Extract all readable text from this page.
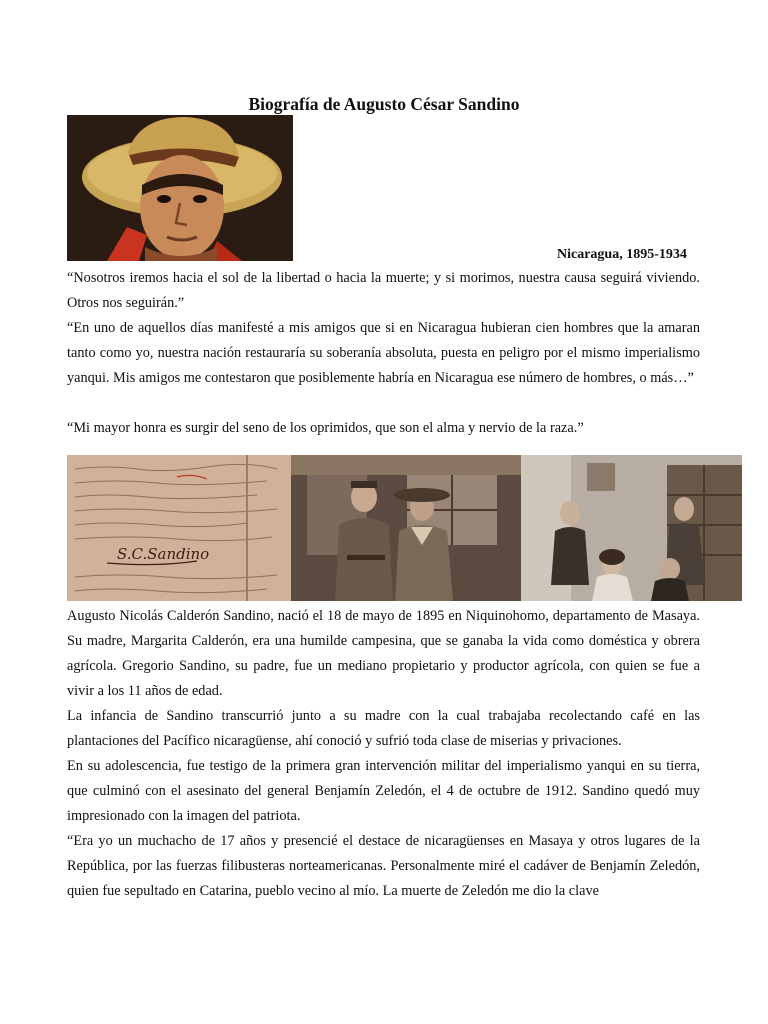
Biografía de Augusto César Sandino
Nicaragua, 1895-1934

“Nosotros iremos hacia el sol de la libertad o hacia la muerte; y si morimos, nuestra causa seguirá viviendo. Otros nos seguirán.”

“En uno de aquellos días manifesté a mis amigos que si en Nicaragua hubieran cien hombres que la amaran tanto como yo, nuestra nación restauraría su soberanía absoluta, puesta en peligro por el mismo imperialismo yanqui. Mis amigos me contestaron que posiblemente habría en Nicaragua ese número de hombres, o más…”

“Mi mayor honra es surgir del seno de los oprimidos, que son el alma y nervio de la raza.”

S.C.Sandino

Augusto Nicolás Calderón Sandino, nació el 18 de mayo de 1895 en Niquinohomo, departamento de Masaya. Su madre, Margarita Calderón, era una humilde campesina, que se ganaba la vida como doméstica y obrera agrícola. Gregorio Sandino, su padre, fue un mediano propietario y productor agrícola, con quien se fue a vivir a los 11 años de edad.

La infancia de Sandino transcurrió junto a su madre con la cual trabajaba recolectando café en las plantaciones del Pacífico nicaragüense, ahí conoció y sufrió toda clase de miserias y privaciones.

En su adolescencia, fue testigo de la primera gran intervención militar del imperialismo yanqui en su tierra, que culminó con el asesinato del general Benjamín Zeledón, el 4 de octubre de 1912. Sandino quedó muy impresionado con la imagen del patriota.

“Era yo un muchacho de 17 años y presencié el destace de nicaragüenses en Masaya y otros lugares de la República, por las fuerzas filibusteras norteamericanas. Personalmente miré el cadáver de Benjamín Zeledón, quien fue sepultado en Catarina, pueblo vecino al mío. La muerte de Zeledón me dio la clave
